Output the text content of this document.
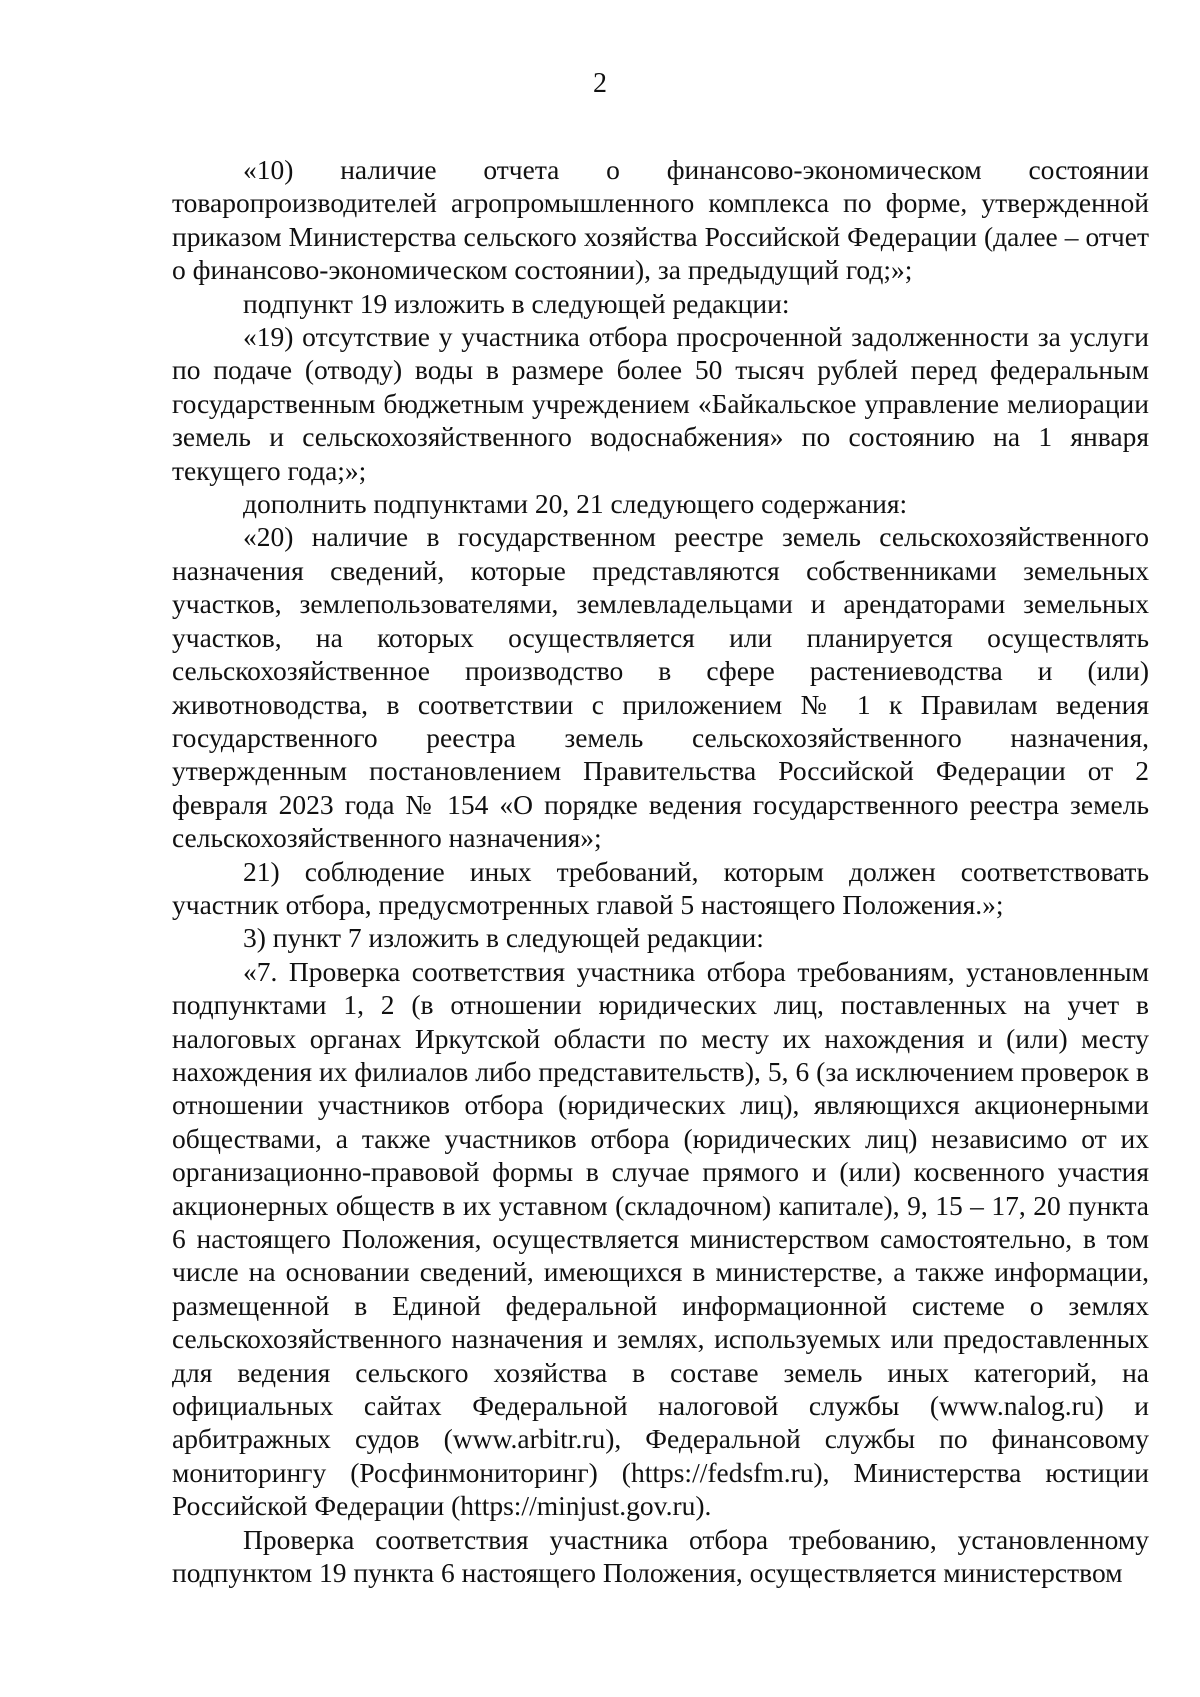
2

«10) наличие отчета о финансово-экономическом состоянии товаропроизводителей агропромышленного комплекса по форме, утвержденной приказом Министерства сельского хозяйства Российской Федерации (далее – отчет о финансово-экономическом состоянии), за предыдущий год;»;

подпункт 19 изложить в следующей редакции:

«19) отсутствие у участника отбора просроченной задолженности за услуги по подаче (отводу) воды в размере более 50 тысяч рублей перед федеральным государственным бюджетным учреждением «Байкальское управление мелиорации земель и сельскохозяйственного водоснабжения» по состоянию на 1 января текущего года;»;

дополнить подпунктами 20, 21 следующего содержания:

«20) наличие в государственном реестре земель сельскохозяйственного назначения сведений, которые представляются собственниками земельных участков, землепользователями, землевладельцами и арендаторами земельных участков, на которых осуществляется или планируется осуществлять сельскохозяйственное производство в сфере растениеводства и (или) животноводства, в соответствии с приложением № 1 к Правилам ведения государственного реестра земель сельскохозяйственного назначения, утвержденным постановлением Правительства Российской Федерации от 2 февраля 2023 года № 154 «О порядке ведения государственного реестра земель сельскохозяйственного назначения»;

21) соблюдение иных требований, которым должен соответствовать участник отбора, предусмотренных главой 5 настоящего Положения.»;

3) пункт 7 изложить в следующей редакции:

«7. Проверка соответствия участника отбора требованиям, установленным подпунктами 1, 2 (в отношении юридических лиц, поставленных на учет в налоговых органах Иркутской области по месту их нахождения и (или) месту нахождения их филиалов либо представительств), 5, 6 (за исключением проверок в отношении участников отбора (юридических лиц), являющихся акционерными обществами, а также участников отбора (юридических лиц) независимо от их организационно-правовой формы в случае прямого и (или) косвенного участия акционерных обществ в их уставном (складочном) капитале), 9, 15 – 17, 20 пункта 6 настоящего Положения, осуществляется министерством самостоятельно, в том числе на основании сведений, имеющихся в министерстве, а также информации, размещенной в Единой федеральной информационной системе о землях сельскохозяйственного назначения и землях, используемых или предоставленных для ведения сельского хозяйства в составе земель иных категорий, на официальных сайтах Федеральной налоговой службы (www.nalog.ru) и арбитражных судов (www.arbitr.ru), Федеральной службы по финансовому мониторингу (Росфинмониторинг) (https://fedsfm.ru), Министерства юстиции Российской Федерации (https://minjust.gov.ru).

Проверка соответствия участника отбора требованию, установленному подпунктом 19 пункта 6 настоящего Положения, осуществляется министерством
